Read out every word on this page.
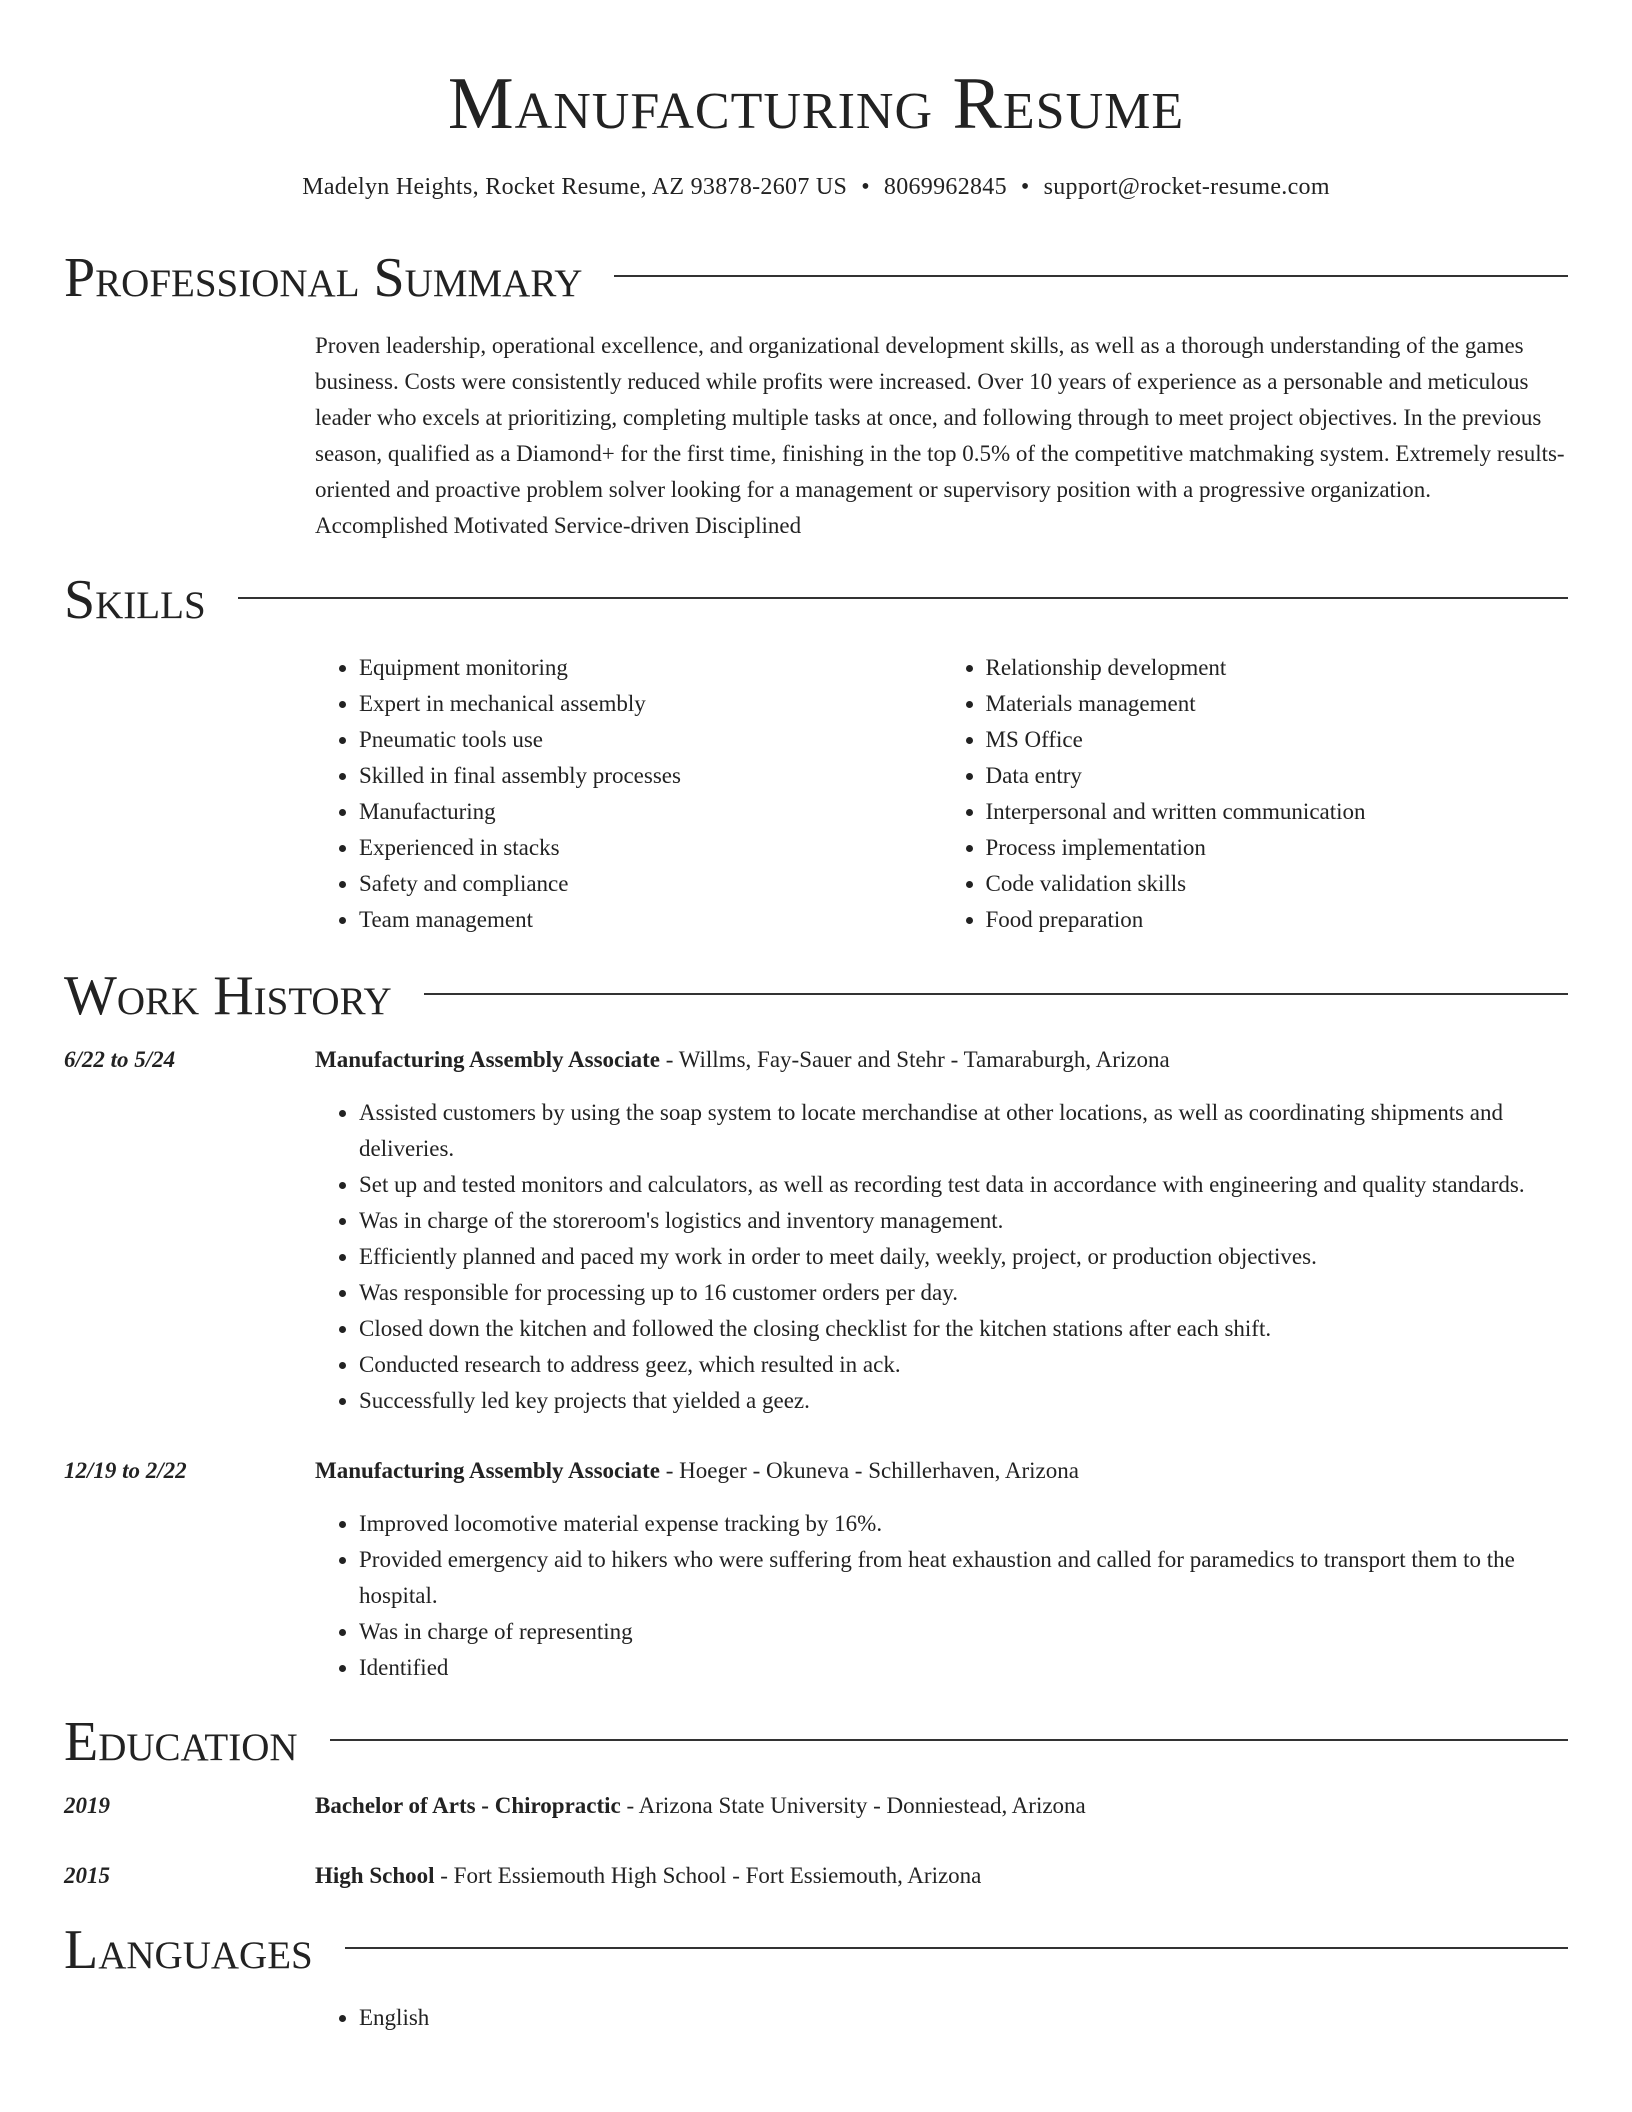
Manufacturing Resume
Madelyn Heights, Rocket Resume, AZ 93878-2607 US • 8069962845 • support@rocket-resume.com
Professional Summary
Proven leadership, operational excellence, and organizational development skills, as well as a thorough understanding of the games business. Costs were consistently reduced while profits were increased. Over 10 years of experience as a personable and meticulous leader who excels at prioritizing, completing multiple tasks at once, and following through to meet project objectives. In the previous season, qualified as a Diamond+ for the first time, finishing in the top 0.5% of the competitive matchmaking system. Extremely results-oriented and proactive problem solver looking for a management or supervisory position with a progressive organization. Accomplished Motivated Service-driven Disciplined
Skills
• Equipment monitoring
• Expert in mechanical assembly
• Pneumatic tools use
• Skilled in final assembly processes
• Manufacturing
• Experienced in stacks
• Safety and compliance
• Team management
• Relationship development
• Materials management
• MS Office
• Data entry
• Interpersonal and written communication
• Process implementation
• Code validation skills
• Food preparation
Work History
6/22 to 5/24	Manufacturing Assembly Associate - Willms, Fay-Sauer and Stehr - Tamaraburgh, Arizona
• Assisted customers by using the soap system to locate merchandise at other locations, as well as coordinating shipments and deliveries.
• Set up and tested monitors and calculators, as well as recording test data in accordance with engineering and quality standards.
• Was in charge of the storeroom's logistics and inventory management.
• Efficiently planned and paced my work in order to meet daily, weekly, project, or production objectives.
• Was responsible for processing up to 16 customer orders per day.
• Closed down the kitchen and followed the closing checklist for the kitchen stations after each shift.
• Conducted research to address geez, which resulted in ack.
• Successfully led key projects that yielded a geez.
12/19 to 2/22	Manufacturing Assembly Associate - Hoeger - Okuneva - Schillerhaven, Arizona
• Improved locomotive material expense tracking by 16%.
• Provided emergency aid to hikers who were suffering from heat exhaustion and called for paramedics to transport them to the hospital.
• Was in charge of representing
• Identified
Education
2019	Bachelor of Arts - Chiropractic - Arizona State University - Donniestead, Arizona
2015	High School - Fort Essiemouth High School - Fort Essiemouth, Arizona
Languages
• English
